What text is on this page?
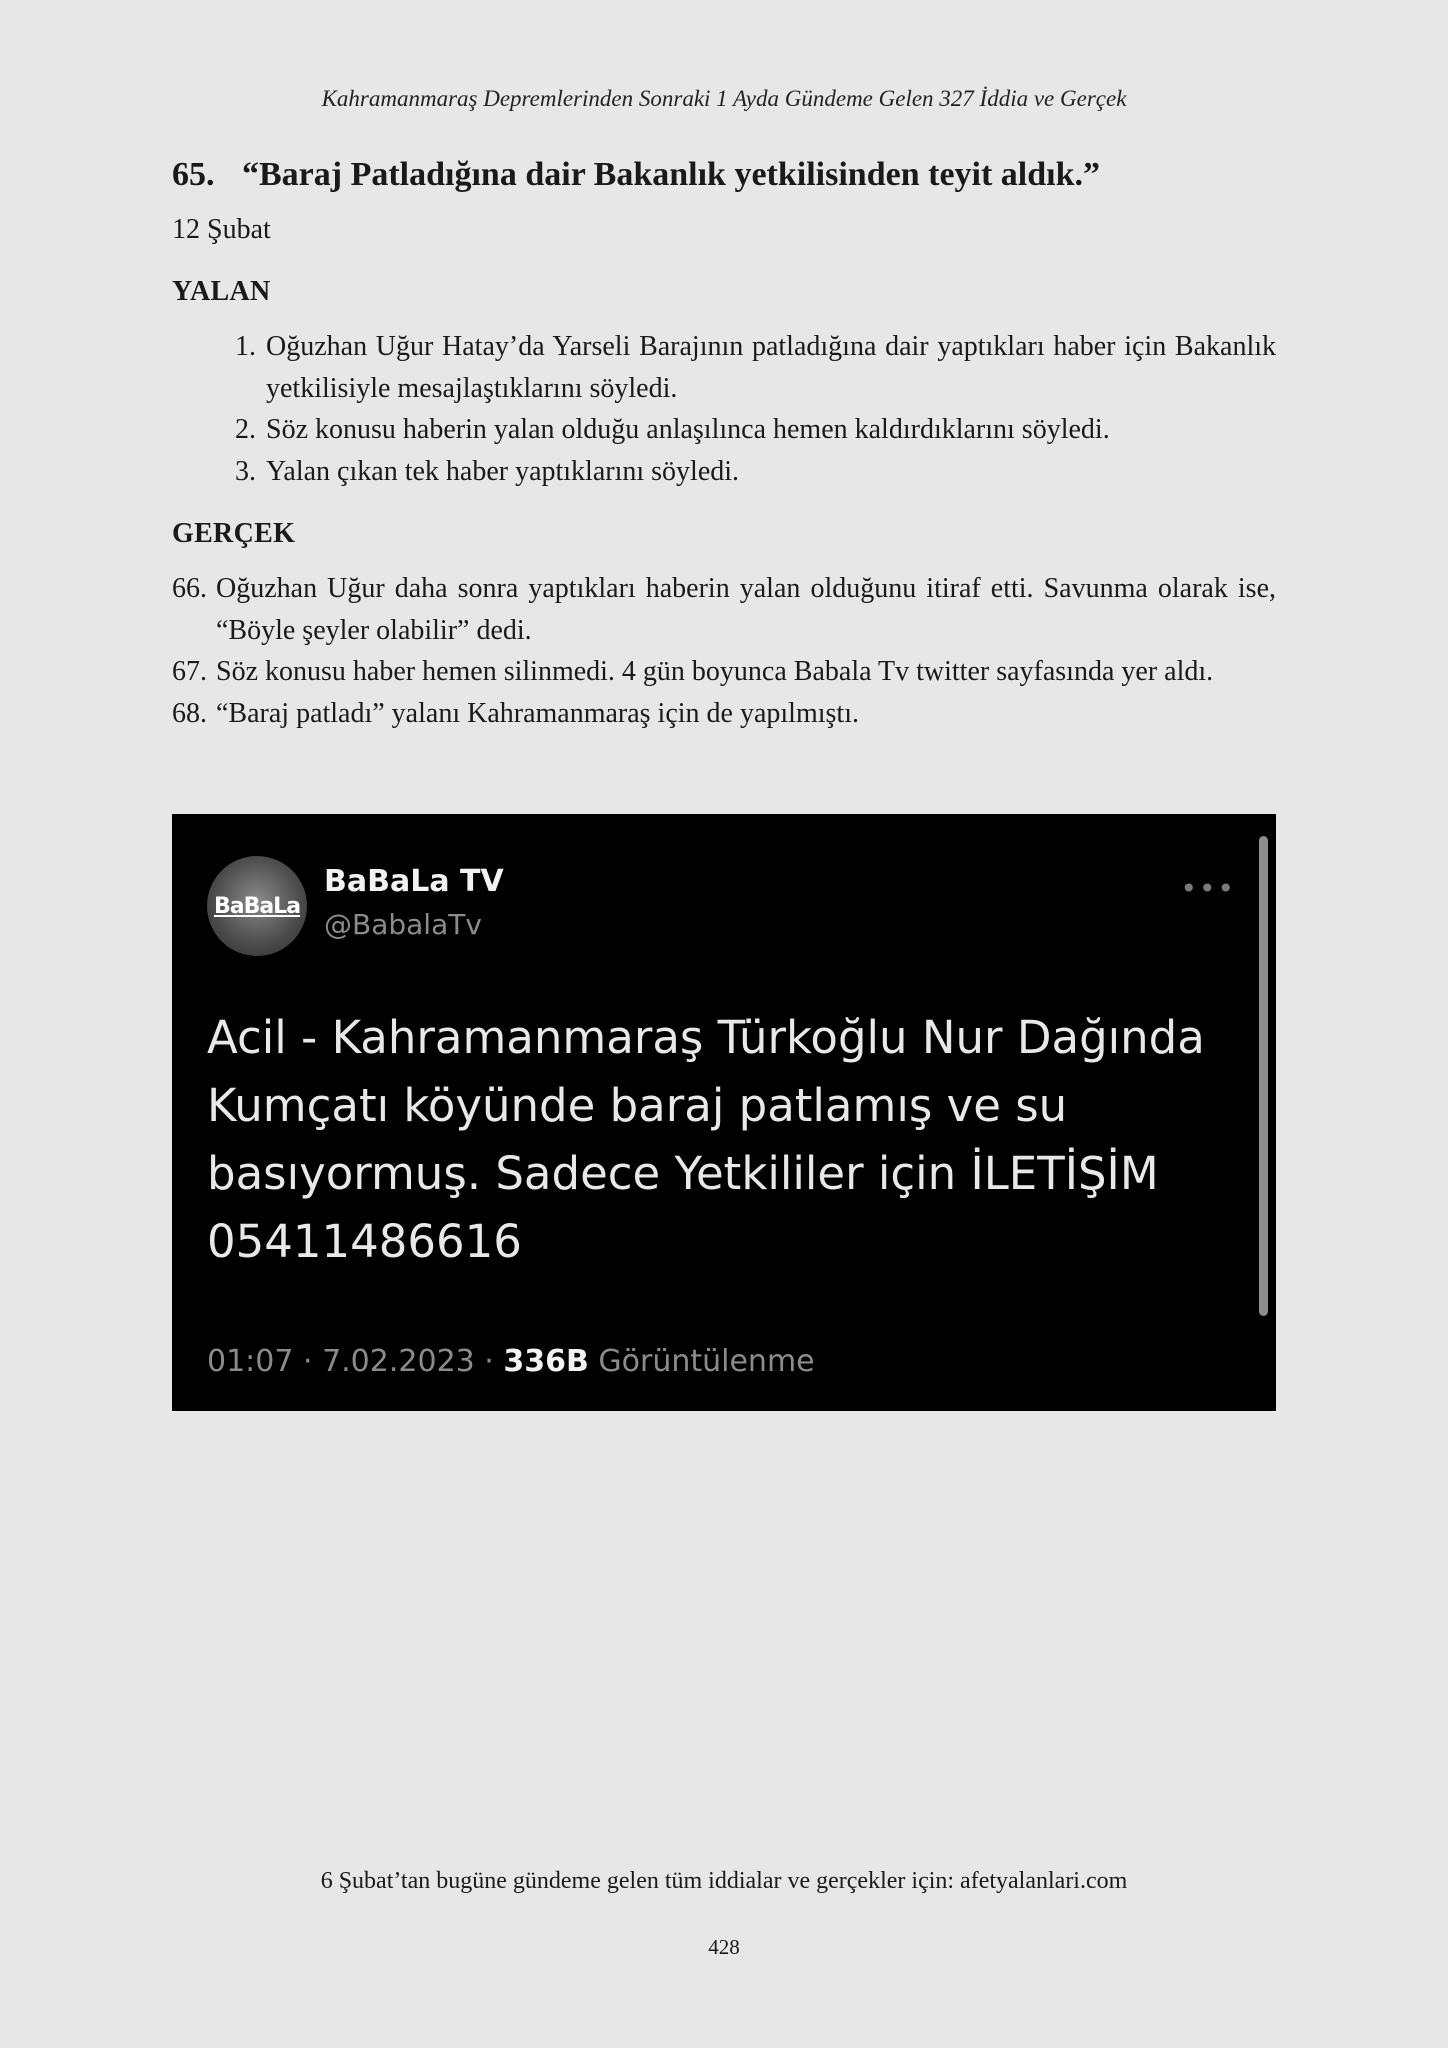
Kahramanmaraş Depremlerinden Sonraki 1 Ayda Gündeme Gelen 327 İddia ve Gerçek
65. “Baraj Patladığına dair Bakanlık yetkilisinden teyit aldık.”
12 Şubat
YALAN
1. Oğuzhan Uğur Hatay’da Yarseli Barajının patladığına dair yaptıkları haber için Bakanlık yetkilisiyle mesajlaştıklarını söyledi.
2. Söz konusu haberin yalan olduğu anlaşılınca hemen kaldırdıklarını söyledi.
3. Yalan çıkan tek haber yaptıklarını söyledi.
GERÇEK
66. Oğuzhan Uğur daha sonra yaptıkları haberin yalan olduğunu itiraf etti. Savunma olarak ise, “Böyle şeyler olabilir” dedi.
67. Söz konusu haber hemen silinmedi. 4 gün boyunca Babala Tv twitter sayfasında yer aldı.
68. “Baraj patladı” yalanı Kahramanmaraş için de yapılmıştı.
BaBaLa
BaBaLa TV
@BabalaTv
•••
Acil - Kahramanmaraş Türkoğlu Nur Dağında Kumçatı köyünde baraj patlamış ve su basıyormuş. Sadece Yetkililer için İLETİŞİM 05411486616
01:07 · 7.02.2023 · 336B Görüntülenme
6 Şubat’tan bugüne gündeme gelen tüm iddialar ve gerçekler için: afetyalanlari.com
428
